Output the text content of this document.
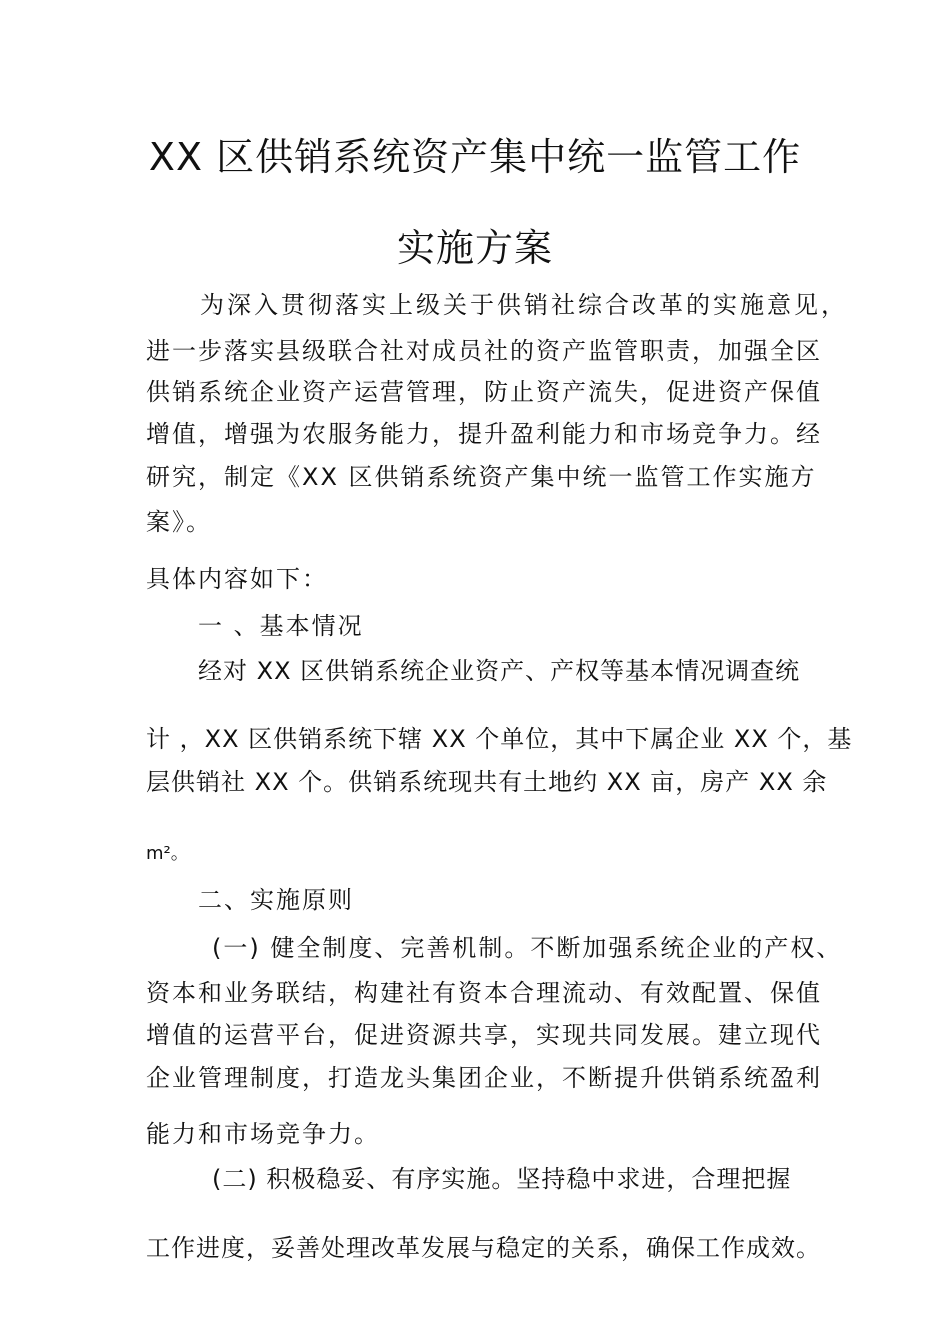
XX 区供销系统资产集中统一监管工作
实施方案
为深入贯彻落实上级关于供销社综合改革的实施意见，
进一步落实县级联合社对成员社的资产监管职责，加强全区
供销系统企业资产运营管理，防止资产流失，促进资产保值
增值，增强为农服务能力，提升盈利能力和市场竞争力。经
研究，制定《XX 区供销系统资产集中统一监管工作实施方
案》。
具体内容如下：
一 、基本情况
经对 XX 区供销系统企业资产、产权等基本情况调查统
计 ，XX 区供销系统下辖 XX 个单位，其中下属企业 XX 个，基
层供销社 XX 个。供销系统现共有土地约 XX 亩，房产 XX 余
m²。
二、实施原则
(一) 健全制度、完善机制。不断加强系统企业的产权、
资本和业务联结，构建社有资本合理流动、有效配置、保值
增值的运营平台，促进资源共享，实现共同发展。建立现代
企业管理制度，打造龙头集团企业，不断提升供销系统盈利
能力和市场竞争力。
(二) 积极稳妥、有序实施。坚持稳中求进，合理把握
工作进度，妥善处理改革发展与稳定的关系，确保工作成效。
